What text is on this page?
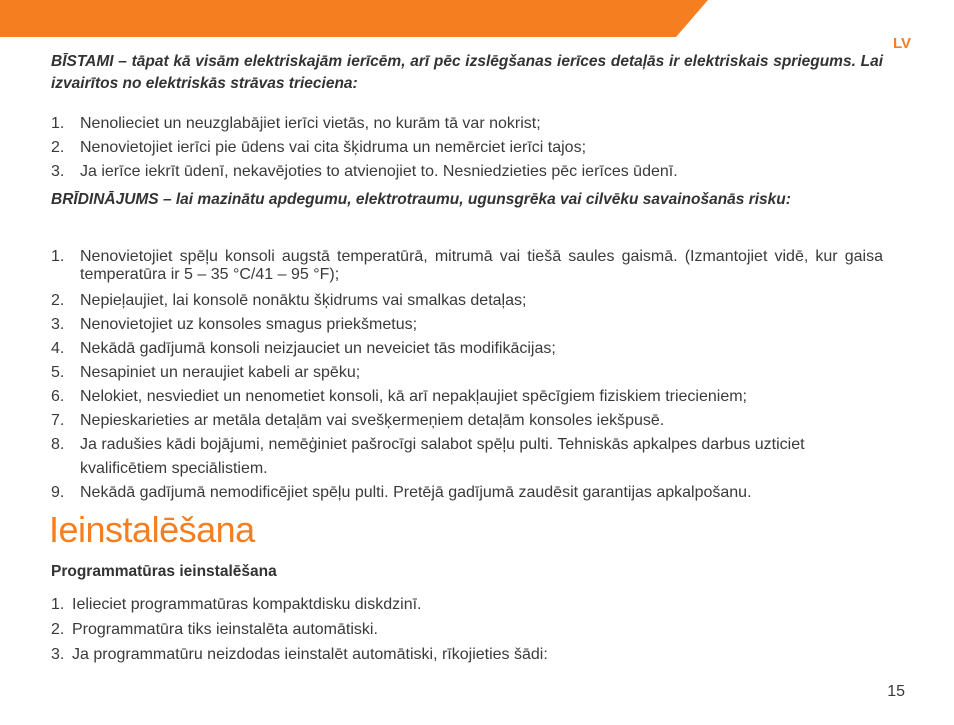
LV
BĪSTAMI – tāpat kā visām elektriskajām ierīcēm, arī pēc izslēgšanas ierīces detaļās ir elektriskais spriegums. Lai izvairītos no elektriskās strāvas trieciena:
1. Nenolieciet un neuzglabājiet ierīci vietās, no kurām tā var nokrist;
2. Nenovietojiet ierīci pie ūdens vai cita šķidruma un nemērciet ierīci tajos;
3. Ja ierīce iekrīt ūdenī, nekavējoties to atvienojiet to. Nesniedzieties pēc ierīces ūdenī.
BRĪDINĀJUMS – lai mazinātu apdegumu, elektrotraumu, ugunsgrēka vai cilvēku savainošanās risku:
1. Nenovietojiet spēļu konsoli augstā temperatūrā, mitrumā vai tiešā saules gaismā. (Izmantojiet vidē, kur gaisa temperatūra ir 5 – 35 °C/41 – 95 °F);
2. Nepieļaujiet, lai konsolē nonāktu šķidrums vai smalkas detaļas;
3. Nenovietojiet uz konsoles smagus priekšmetus;
4. Nekādā gadījumā konsoli neizjauciet un neveiciet tās modifikācijas;
5. Nesapiniet un neraujiet kabeli ar spēku;
6. Nelokiet, nesviediet un nenometiet konsoli, kā arī nepakļaujiet spēcīgiem fiziskiem triecieniem;
7. Nepieskarieties ar metāla detaļām vai svešķermeņiem detaļām konsoles iekšpusē.
8. Ja radušies kādi bojājumi, nemēģiniet pašrocīgi salabot spēļu pulti. Tehniskās apkalpes darbus uzticiet kvalificētiem speciālistiem.
9. Nekādā gadījumā nemodificējiet spēļu pulti. Pretējā gadījumā zaudēsit garantijas apkalpošanu.
Ieinstalēšana
Programmatūras ieinstalēšana
1. Ielieciet programmatūras kompaktdisku diskdzinī.
2. Programmatūra tiks ieinstalēta automātiski.
3. Ja programmatūru neizdodas ieinstalēt automātiski, rīkojieties šādi:
15
